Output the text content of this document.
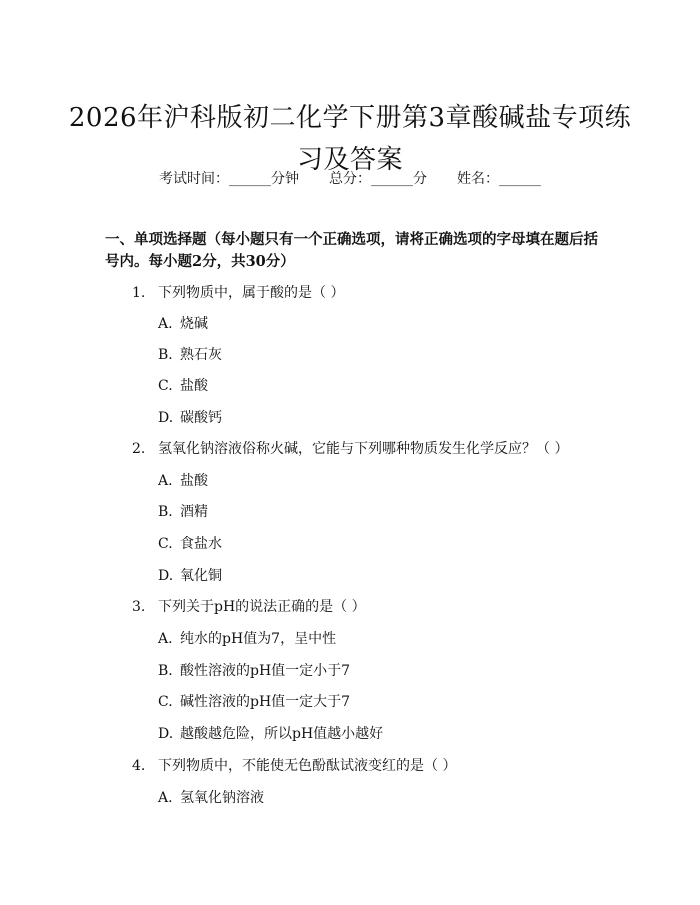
2026年沪科版初二化学下册第3章酸碱盐专项练习及答案
考试时间：______分钟 总分：______分 姓名：______
一、单项选择题（每小题只有一个正确选项，请将正确选项的字母填在题后括号内。每小题2分，共30分）
1. 下列物质中，属于酸的是（ ）
A. 烧碱
B. 熟石灰
C. 盐酸
D. 碳酸钙
2. 氢氧化钠溶液俗称火碱，它能与下列哪种物质发生化学反应？（ ）
A. 盐酸
B. 酒精
C. 食盐水
D. 氧化铜
3. 下列关于pH的说法正确的是（ ）
A. 纯水的pH值为7，呈中性
B. 酸性溶液的pH值一定小于7
C. 碱性溶液的pH值一定大于7
D. 越酸越危险，所以pH值越小越好
4. 下列物质中，不能使无色酚酞试液变红的是（ ）
A. 氢氧化钠溶液
